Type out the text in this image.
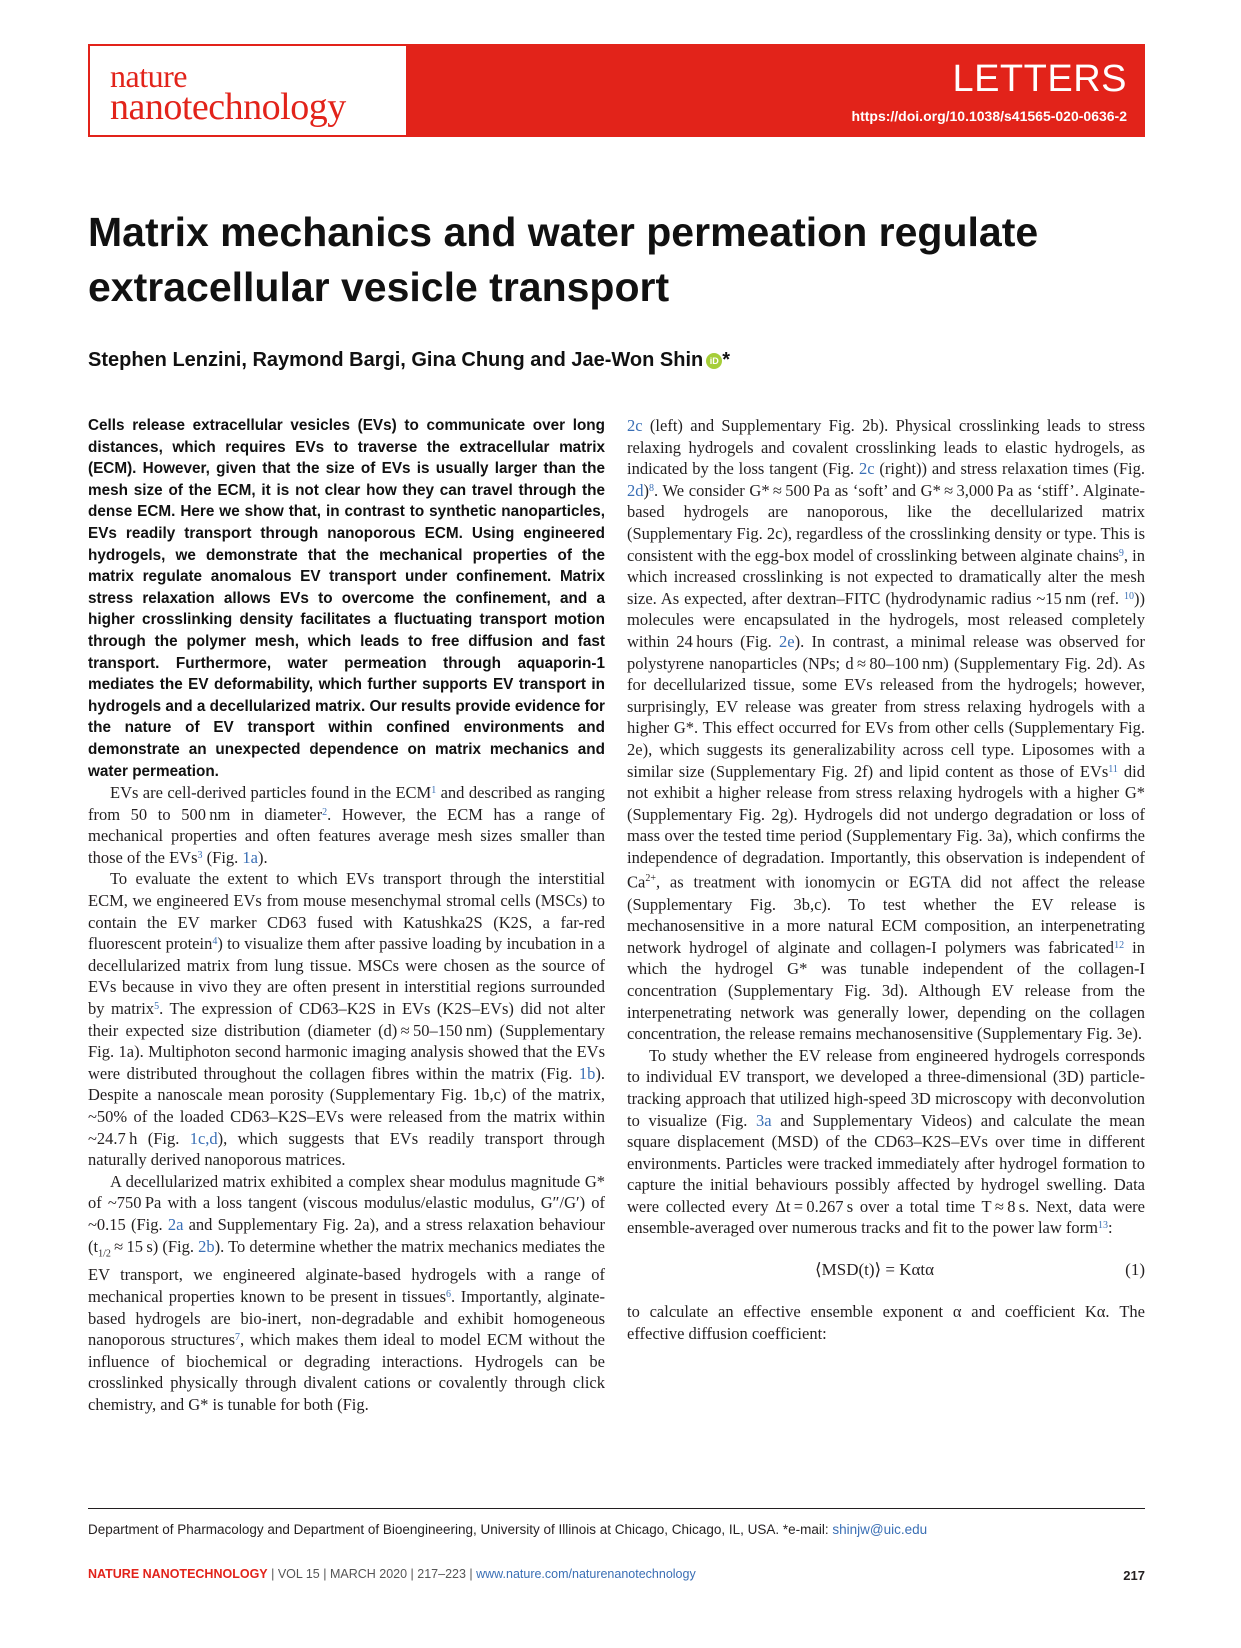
nature
nanotechnology
LETTERS
https://doi.org/10.1038/s41565-020-0636-2
Matrix mechanics and water permeation regulate
extracellular vesicle transport
Stephen Lenzini, Raymond Bargi, Gina Chung and Jae-Won Shin iD *

Cells release extracellular vesicles (EVs) to communicate over long distances, which requires EVs to traverse the extracellular matrix (ECM). However, given that the size of EVs is usually larger than the mesh size of the ECM, it is not clear how they can travel through the dense ECM. Here we show that, in contrast to synthetic nanoparticles, EVs readily transport through nanoporous ECM. Using engineered hydrogels, we demonstrate that the mechanical properties of the matrix regulate anomalous EV transport under confinement. Matrix stress relaxation allows EVs to overcome the confinement, and a higher crosslinking density facilitates a fluctuating transport motion through the polymer mesh, which leads to free diffusion and fast transport. Furthermore, water permeation through aquaporin-1 mediates the EV deformability, which further supports EV transport in hydrogels and a decellularized matrix. Our results provide evidence for the nature of EV transport within confined environments and demonstrate an unexpected dependence on matrix mechanics and water permeation.

EVs are cell-derived particles found in the ECM$^1$ and described as ranging from 50 to 500 nm in diameter$^2$. However, the ECM has a range of mechanical properties and often features average mesh sizes smaller than those of the EVs$^3$ (Fig. 1a).

To evaluate the extent to which EVs transport through the interstitial ECM, we engineered EVs from mouse mesenchymal stromal cells (MSCs) to contain the EV marker CD63 fused with Katushka2S (K2S, a far-red fluorescent protein$^4$) to visualize them after passive loading by incubation in a decellularized matrix from lung tissue. MSCs were chosen as the source of EVs because in vivo they are often present in interstitial regions surrounded by matrix$^5$. The expression of CD63–K2S in EVs (K2S–EVs) did not alter their expected size distribution (diameter (d) ≈ 50–150 nm) (Supplementary Fig. 1a). Multiphoton second harmonic imaging analysis showed that the EVs were distributed throughout the collagen fibres within the matrix (Fig. 1b). Despite a nanoscale mean porosity (Supplementary Fig. 1b,c) of the matrix, ~50% of the loaded CD63–K2S–EVs were released from the matrix within ~24.7 h (Fig. 1c,d), which suggests that EVs readily transport through naturally derived nanoporous matrices.

A decellularized matrix exhibited a complex shear modulus magnitude G* of ~750 Pa with a loss tangent (viscous modulus/elastic modulus, G″/G′) of ~0.15 (Fig. 2a and Supplementary Fig. 2a), and a stress relaxation behaviour ($t_{1/2} \approx 15$ s) (Fig. 2b). To determine whether the matrix mechanics mediates the EV transport, we engineered alginate-based hydrogels with a range of mechanical properties known to be present in tissues$^6$. Importantly, alginate-based hydrogels are bio-inert, non-degradable and exhibit homogeneous nanoporous structures$^7$, which makes them ideal to model ECM without the influence of biochemical or degrading interactions. Hydrogels can be crosslinked physically through divalent cations or covalently through click chemistry, and G* is tunable for both (Fig.

2c (left) and Supplementary Fig. 2b). Physical crosslinking leads to stress relaxing hydrogels and covalent crosslinking leads to elastic hydrogels, as indicated by the loss tangent (Fig. 2c (right)) and stress relaxation times (Fig. 2d)$^8$. We consider G* ≈ 500 Pa as ‘soft’ and G* ≈ 3,000 Pa as ‘stiff’. Alginate-based hydrogels are nanoporous, like the decellularized matrix (Supplementary Fig. 2c), regardless of the crosslinking density or type. This is consistent with the egg-box model of crosslinking between alginate chains$^9$, in which increased crosslinking is not expected to dramatically alter the mesh size. As expected, after dextran–FITC (hydrodynamic radius ~15 nm (ref. $^{10}$)) molecules were encapsulated in the hydrogels, most released completely within 24 hours (Fig. 2e). In contrast, a minimal release was observed for polystyrene nanoparticles (NPs; d ≈ 80–100 nm) (Supplementary Fig. 2d). As for decellularized tissue, some EVs released from the hydrogels; however, surprisingly, EV release was greater from stress relaxing hydrogels with a higher G*. This effect occurred for EVs from other cells (Supplementary Fig. 2e), which suggests its generalizability across cell type. Liposomes with a similar size (Supplementary Fig. 2f) and lipid content as those of EVs$^{11}$ did not exhibit a higher release from stress relaxing hydrogels with a higher G* (Supplementary Fig. 2g). Hydrogels did not undergo degradation or loss of mass over the tested time period (Supplementary Fig. 3a), which confirms the independence of degradation. Importantly, this observation is independent of $Ca^{2+}$, as treatment with ionomycin or EGTA did not affect the release (Supplementary Fig. 3b,c). To test whether the EV release is mechanosensitive in a more natural ECM composition, an interpenetrating network hydrogel of alginate and collagen-I polymers was fabricated$^{12}$ in which the hydrogel G* was tunable independent of the collagen-I concentration (Supplementary Fig. 3d). Although EV release from the interpenetrating network was generally lower, depending on the collagen concentration, the release remains mechanosensitive (Supplementary Fig. 3e).

To study whether the EV release from engineered hydrogels corresponds to individual EV transport, we developed a three-dimensional (3D) particle-tracking approach that utilized high-speed 3D microscopy with deconvolution to visualize (Fig. 3a and Supplementary Videos) and calculate the mean square displacement (MSD) of the CD63–K2S–EVs over time in different environments. Particles were tracked immediately after hydrogel formation to capture the initial behaviours possibly affected by hydrogel swelling. Data were collected every Δt = 0.267 s over a total time T ≈ 8 s. Next, data were ensemble-averaged over numerous tracks and fit to the power law form$^{13}$:

⟨MSD(t)⟩ = Kαtα	(1)

to calculate an effective ensemble exponent α and coefficient Kα. The effective diffusion coefficient:

Department of Pharmacology and Department of Bioengineering, University of Illinois at Chicago, Chicago, IL, USA. *e-mail: shinjw@uic.edu
NATURE NANOTECHNOLOGY | VOL 15 | MARCH 2020 | 217–223 | www.nature.com/naturenanotechnology	217
